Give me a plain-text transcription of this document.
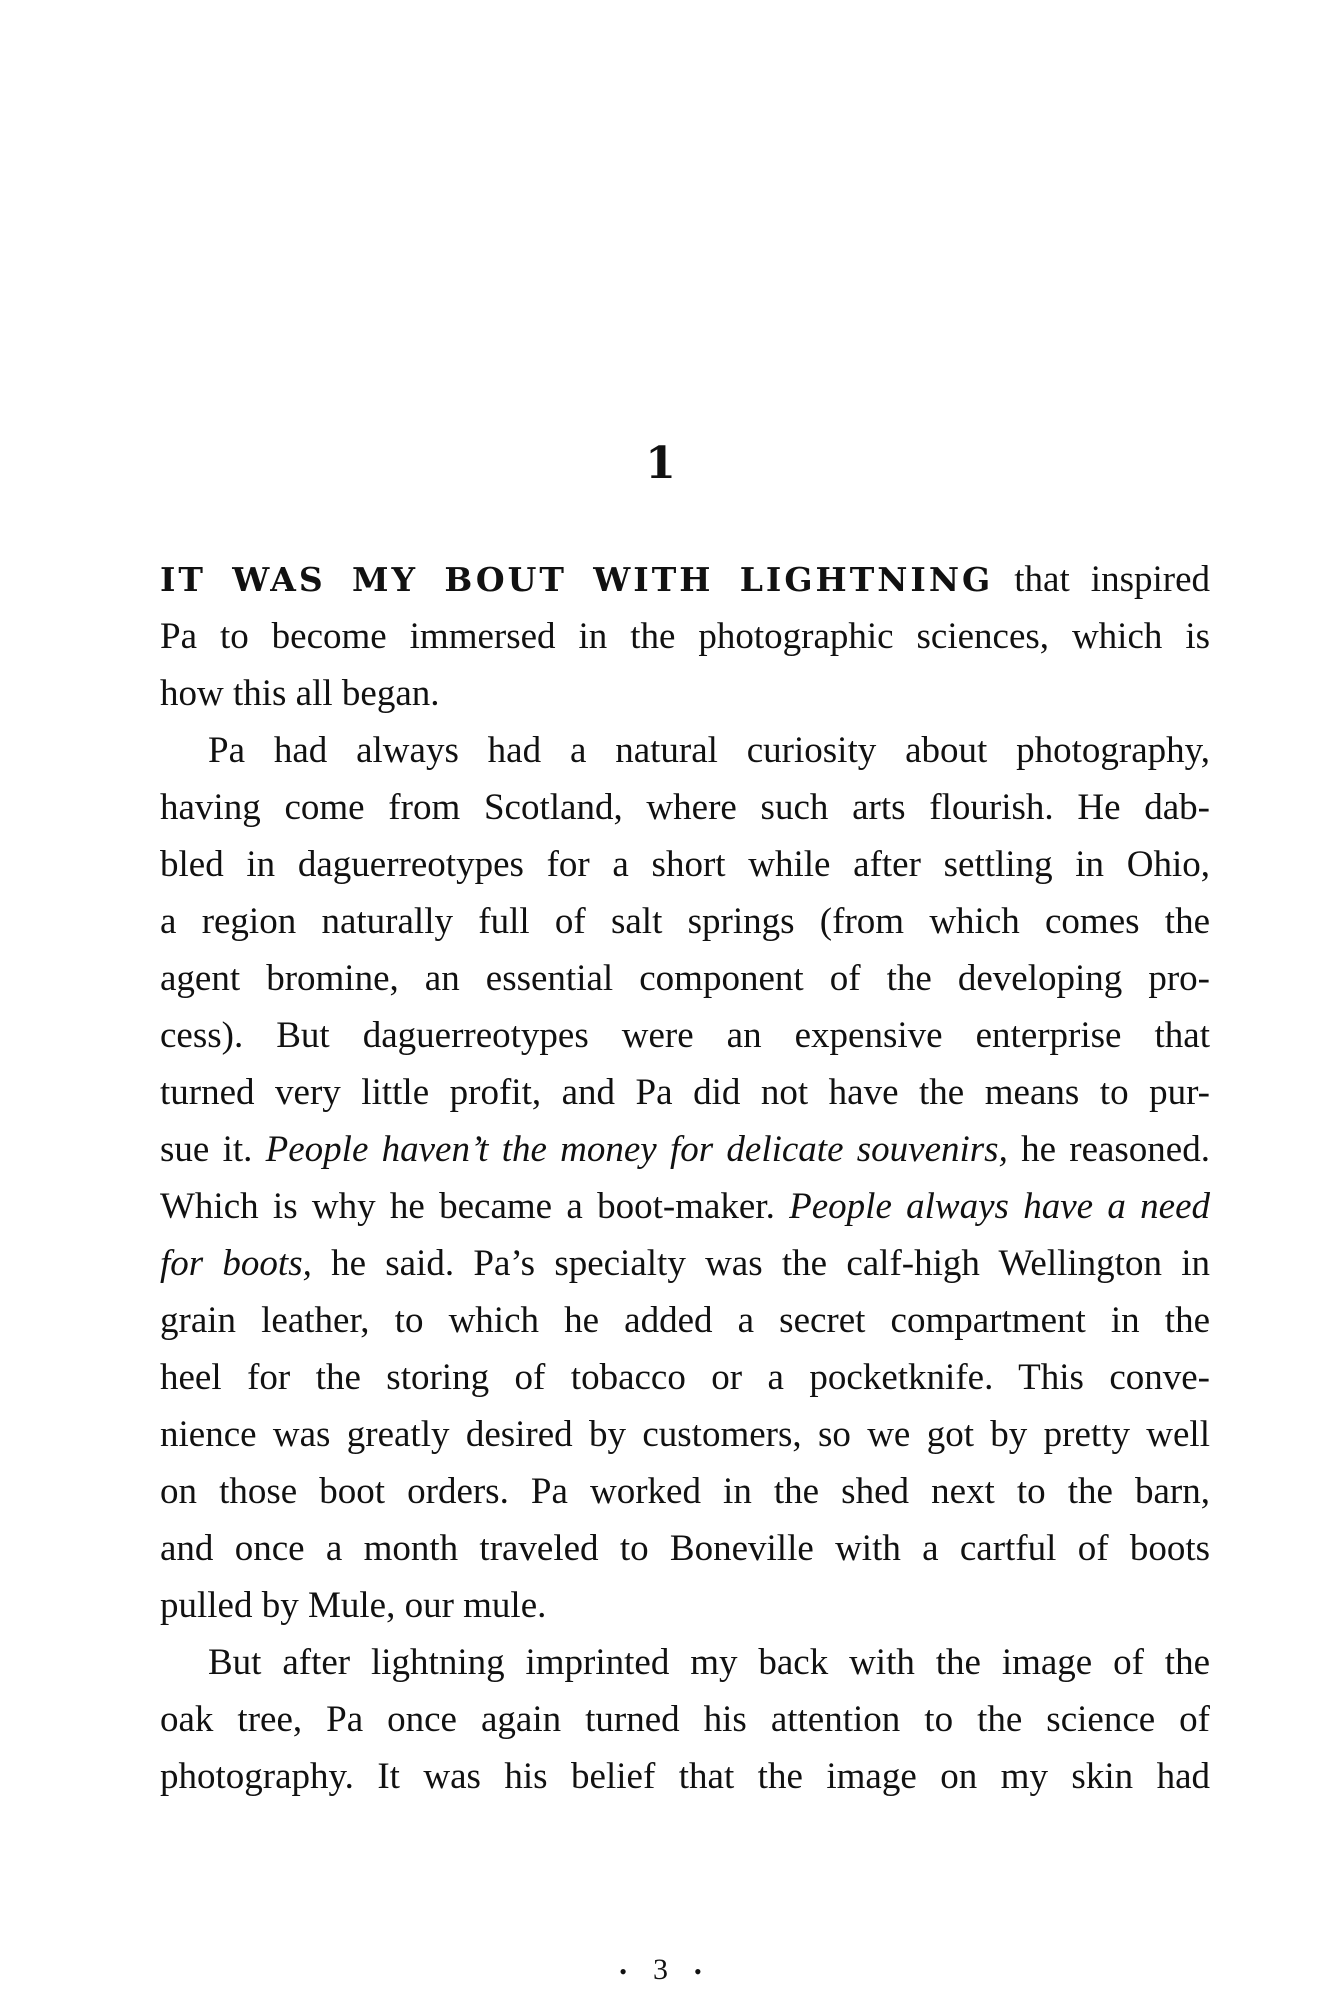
1
IT WAS MY BOUT WITH LIGHTNING that inspired
Pa to become immersed in the photographic sciences, which is
how this all began.
Pa had always had a natural curiosity about photography,
having come from Scotland, where such arts flourish. He dab-
bled in daguerreotypes for a short while after settling in Ohio,
a region naturally full of salt springs (from which comes the
agent bromine, an essential component of the developing pro-
cess). But daguerreotypes were an expensive enterprise that
turned very little profit, and Pa did not have the means to pur-
sue it. People haven’t the money for delicate souvenirs, he reasoned.
Which is why he became a boot-maker. People always have a need
for boots, he said. Pa’s specialty was the calf-high Wellington in
grain leather, to which he added a secret compartment in the
heel for the storing of tobacco or a pocketknife. This conve-
nience was greatly desired by customers, so we got by pretty well
on those boot orders. Pa worked in the shed next to the barn,
and once a month traveled to Boneville with a cartful of boots
pulled by Mule, our mule.
But after lightning imprinted my back with the image of the
oak tree, Pa once again turned his attention to the science of
photography. It was his belief that the image on my skin had

• 3 •
